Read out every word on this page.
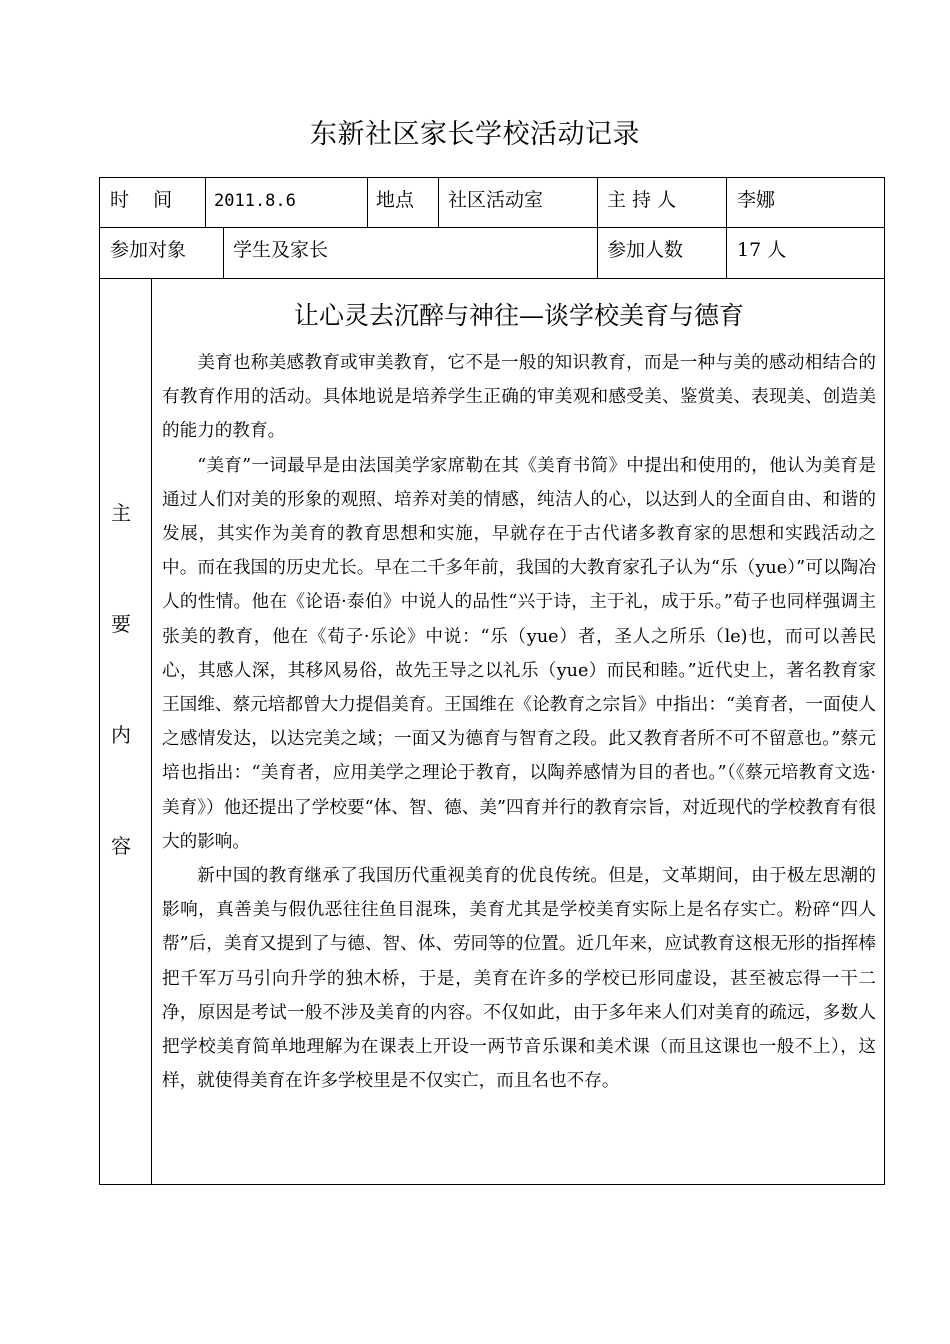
东新社区家长学校活动记录
时    间 2011.8.6	地点 社区活动室	主 持 人	李娜
参加对象 学生及家长	参加人数	17 人
主
要
内
容
让心灵去沉醉与神往—谈学校美育与德育

美育也称美感教育或审美教育，它不是一般的知识教育，而是一种与美的感动相结合的有教育作用的活动。具体地说是培养学生正确的审美观和感受美、鉴赏美、表现美、创造美的能力的教育。

“美育”一词最早是由法国美学家席勒在其《美育书简》中提出和使用的，他认为美育是通过人们对美的形象的观照、培养对美的情感，纯洁人的心，以达到人的全面自由、和谐的发展，其实作为美育的教育思想和实施，早就存在于古代诸多教育家的思想和实践活动之中。而在我国的历史尤长。早在二千多年前，我国的大教育家孔子认为“乐（yue）”可以陶冶人的性情。他在《论语·泰伯》中说人的品性“兴于诗，主于礼，成于乐。”荀子也同样强调主张美的教育，他在《荀子·乐论》中说：“乐（yue）者，圣人之所乐（le)也，而可以善民心，其感人深，其移风易俗，故先王导之以礼乐（yue）而民和睦。”近代史上，著名教育家王国维、蔡元培都曾大力提倡美育。王国维在《论教育之宗旨》中指出：“美育者，一面使人之感情发达，以达完美之域；一面又为德育与智育之段。此又教育者所不可不留意也。”蔡元培也指出：“美育者，应用美学之理论于教育，以陶养感情为目的者也。”（《蔡元培教育文选·美育》）他还提出了学校要“体、智、德、美”四育并行的教育宗旨，对近现代的学校教育有很大的影响。

新中国的教育继承了我国历代重视美育的优良传统。但是，文革期间，由于极左思潮的影响，真善美与假仇恶往往鱼目混珠，美育尤其是学校美育实际上是名存实亡。粉碎“四人帮”后，美育又提到了与德、智、体、劳同等的位置。近几年来，应试教育这根无形的指挥棒把千军万马引向升学的独木桥，于是，美育在许多的学校已形同虚设，甚至被忘得一干二净，原因是考试一般不涉及美育的内容。不仅如此，由于多年来人们对美育的疏远，多数人把学校美育简单地理解为在课表上开设一两节音乐课和美术课（而且这课也一般不上），这样，就使得美育在许多学校里是不仅实亡，而且名也不存。
